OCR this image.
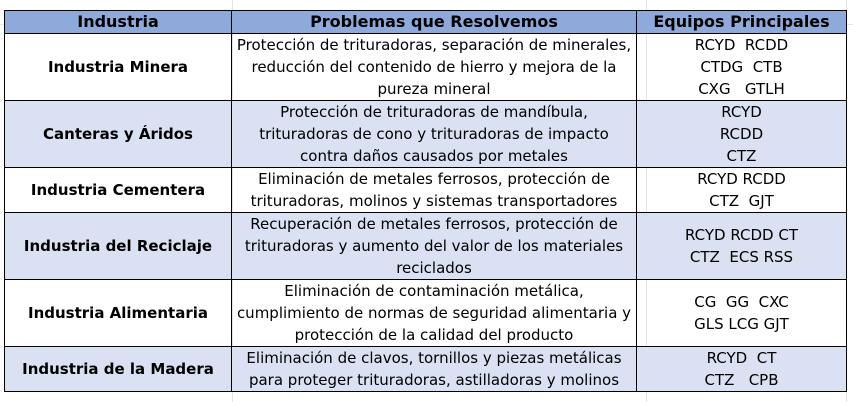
Industria	Problemas que Resolvemos	Equipos Principales
Industria Minera	Protección de trituradoras, separación de minerales, reducción del contenido de hierro y mejora de la pureza mineral	RCYD  RCDD
CTDG  CTB
CXG   GTLH

Canteras y Áridos	Protección de trituradoras de mandíbula, trituradoras de cono y trituradoras de impacto contra daños causados por metales	RCYD
RCDD
CTZ

Industria Cementera	Eliminación de metales ferrosos, protección de trituradoras, molinos y sistemas transportadores	RCYD RCDD
CTZ  GJT

Industria del Reciclaje	Recuperación de metales ferrosos, protección de trituradoras y aumento del valor de los materiales reciclados	RCYD RCDD CT
CTZ  ECS RSS

Industria Alimentaria	Eliminación de contaminación metálica, cumplimiento de normas de seguridad alimentaria y protección de la calidad del producto	CG  GG  CXC
GLS LCG GJT

Industria de la Madera	Eliminación de clavos, tornillos y piezas metálicas para proteger trituradoras, astilladoras y molinos	RCYD  CT
CTZ   CPB
